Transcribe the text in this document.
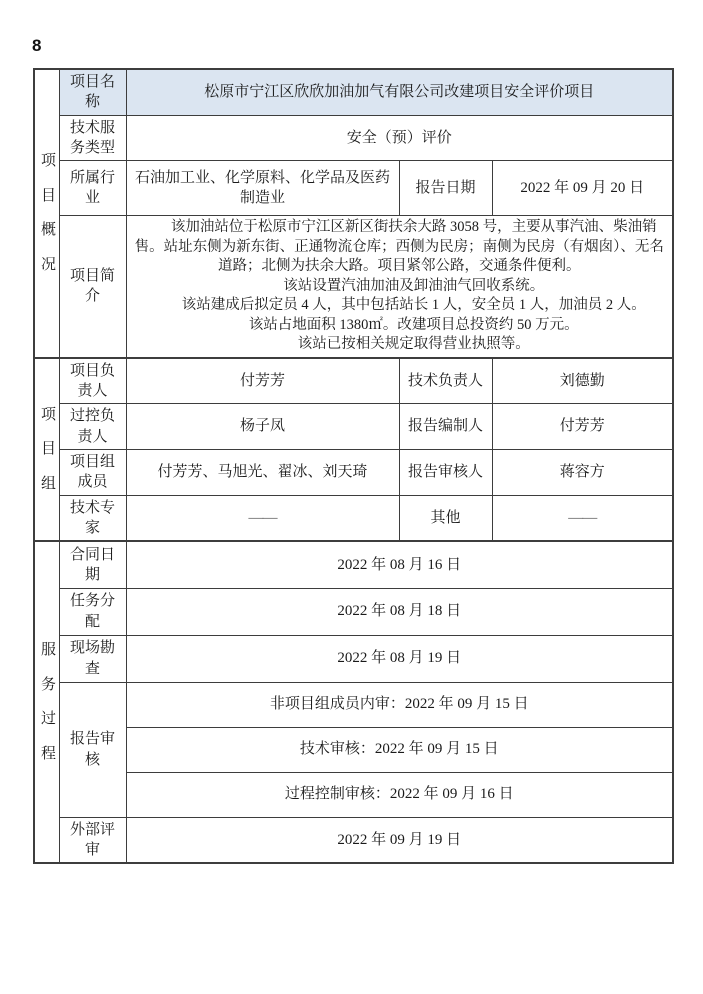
8
项目概况	项目名称	松原市宁江区欣欣加油加气有限公司改建项目安全评价项目		
	技术服务类型	安全（预）评价		
	所属行业	石油加工业、化学原料、化学品及医药制造业	报告日期	2022 年 09 月 20 日
	项目简介	该加油站位于松原市宁江区新区街扶余大路 3058 号，主要从事汽油、柴油销售。站址东侧为新东街、正通物流仓库；西侧为民房；南侧为民房（有烟囱）、无名道路；北侧为扶余大路。项目紧邻公路，交通条件便利。

该站设置汽油加油及卸油油气回收系统。

该站建成后拟定员 4 人，其中包括站长 1 人，安全员 1 人，加油员 2 人。

该站占地面积 1380㎡。改建项目总投资约 50 万元。

该站已按相关规定取得营业执照等。		

项目组	项目负责人	付芳芳	技术负责人	刘德勤
	过控负责人	杨子凤	报告编制人	付芳芳
	项目组成员	付芳芳、马旭光、翟冰、刘天琦	报告审核人	蒋容方
	技术专家	——	其他	——

服务过程	合同日期	2022 年 08 月 16 日		
	任务分配	2022 年 08 月 18 日		
	现场勘查	2022 年 08 月 19 日		
	报告审核	非项目组成员内审：2022 年 09 月 15 日		
		技术审核：2022 年 09 月 15 日		
		过程控制审核：2022 年 09 月 16 日		
	外部评审	2022 年 09 月 19 日		
